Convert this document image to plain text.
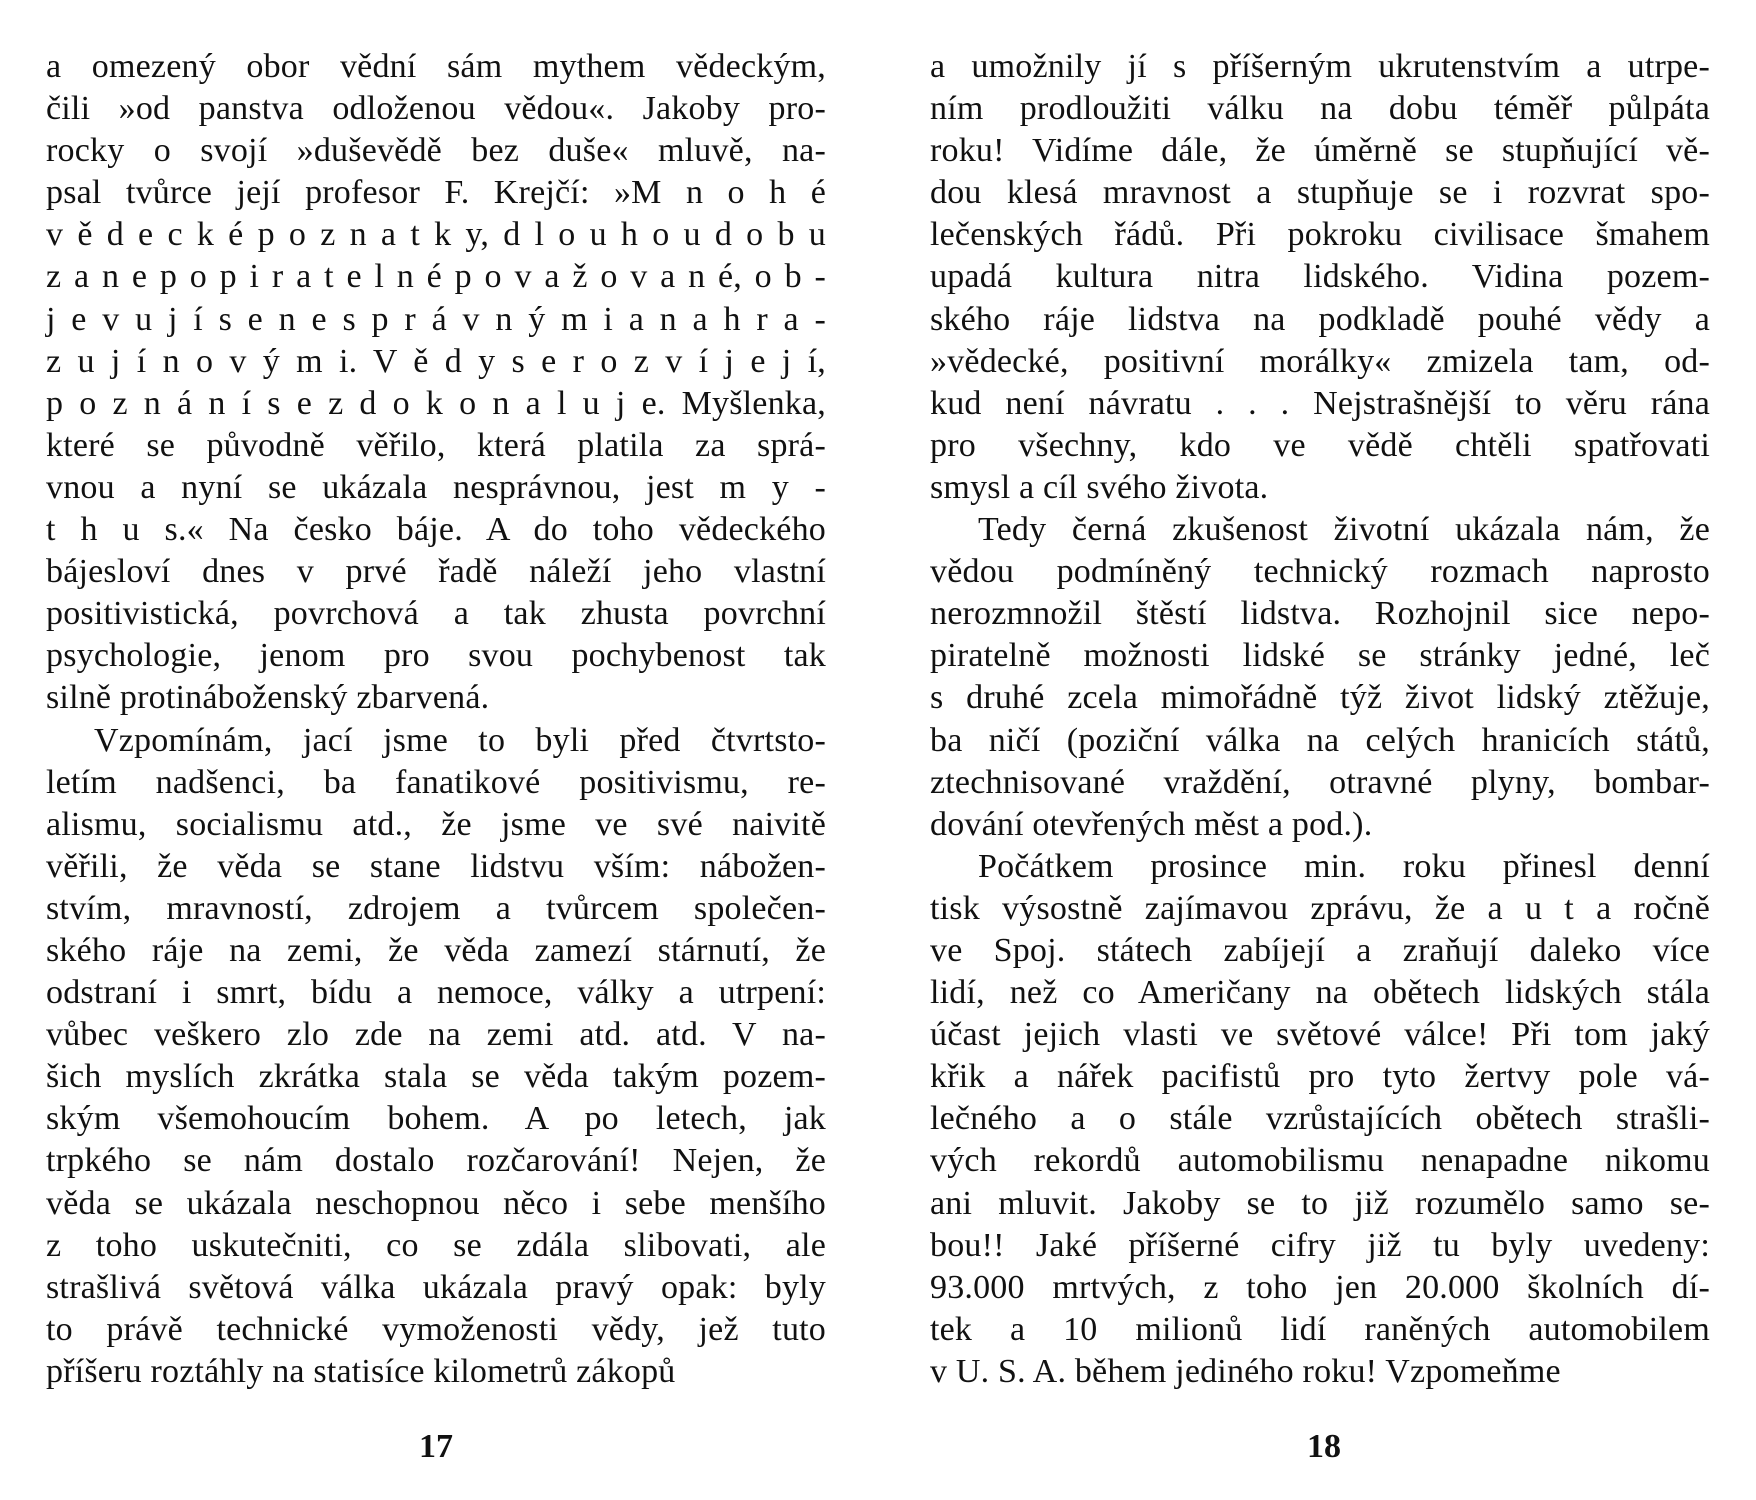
a omezený obor vědní sám mythem vědeckým,
čili »od panstva odloženou vědou«. Jakoby pro-
rocky o svojí »duševědě bez duše« mluvě, na-
psal tvůrce její profesor F. Krejčí: »M n o h é
v ě d e c k é p o z n a t k y, d l o u h o u d o b u
z a n e p o p i r a t e l n é p o v a ž o v a n é, o b -
j e v u j í s e n e s p r á v n ý m i a n a h r a -
z u j í n o v ý m i. V ě d y s e r o z v í j e j í,
p o z n á n í s e z d o k o n a l u j e. Myšlenka,
které se původně věřilo, která platila za sprá-
vnou a nyní se ukázala nesprávnou, jest m y -
t h u s.« Na česko báje. A do toho vědeckého
bájesloví dnes v prvé řadě náleží jeho vlastní
positivistická, povrchová a tak zhusta povrchní
psychologie, jenom pro svou pochybenost tak
silně protináboženský zbarvená.
Vzpomínám, jací jsme to byli před čtvrtsto-
letím nadšenci, ba fanatikové positivismu, re-
alismu, socialismu atd., že jsme ve své naivitě
věřili, že věda se stane lidstvu vším: nábožen-
stvím, mravností, zdrojem a tvůrcem společen-
ského ráje na zemi, že věda zamezí stárnutí, že
odstraní i smrt, bídu a nemoce, války a utrpení:
vůbec veškero zlo zde na zemi atd. atd. V na-
šich myslích zkrátka stala se věda takým pozem-
ským všemohoucím bohem. A po letech, jak
trpkého se nám dostalo rozčarování! Nejen, že
věda se ukázala neschopnou něco i sebe menšího
z toho uskutečniti, co se zdála slibovati, ale
strašlivá světová válka ukázala pravý opak: byly
to právě technické vymoženosti vědy, jež tuto
příšeru roztáhly na statisíce kilometrů zákopů
a umožnily jí s příšerným ukrutenstvím a utrpe-
ním prodloužiti válku na dobu téměř půlpáta
roku! Vidíme dále, že úměrně se stupňující vě-
dou klesá mravnost a stupňuje se i rozvrat spo-
lečenských řádů. Při pokroku civilisace šmahem
upadá kultura nitra lidského. Vidina pozem-
ského ráje lidstva na podkladě pouhé vědy a
»vědecké, positivní morálky« zmizela tam, od-
kud není návratu . . . Nejstrašnější to věru rána
pro všechny, kdo ve vědě chtěli spatřovati
smysl a cíl svého života.
Tedy černá zkušenost životní ukázala nám, že
vědou podmíněný technický rozmach naprosto
nerozmnožil štěstí lidstva. Rozhojnil sice nepo-
piratelně možnosti lidské se stránky jedné, leč
s druhé zcela mimořádně týž život lidský ztěžuje,
ba ničí (poziční válka na celých hranicích států,
ztechnisované vraždění, otravné plyny, bombar-
dování otevřených měst a pod.).
Počátkem prosince min. roku přinesl denní
tisk výsostně zajímavou zprávu, že a u t a ročně
ve Spoj. státech zabíjejí a zraňují daleko více
lidí, než co Američany na obětech lidských stála
účast jejich vlasti ve světové válce! Při tom jaký
křik a nářek pacifistů pro tyto žertvy pole vá-
lečného a o stále vzrůstajících obětech strašli-
vých rekordů automobilismu nenapadne nikomu
ani mluvit. Jakoby se to již rozumělo samo se-
bou!! Jaké příšerné cifry již tu byly uvedeny:
93.000 mrtvých, z toho jen 20.000 školních dí-
tek a 10 milionů lidí raněných automobilem
v U. S. A. během jediného roku! Vzpomeňme
17	18
